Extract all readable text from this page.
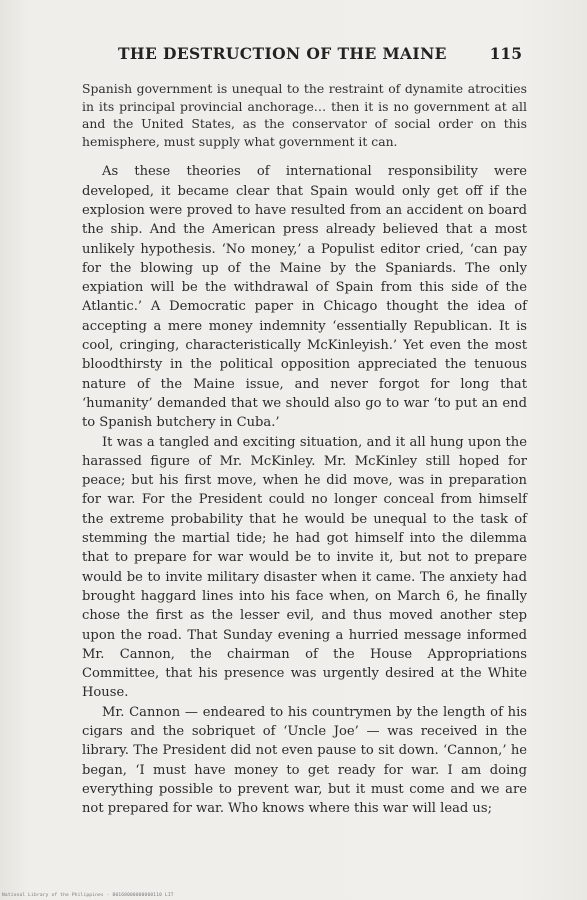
THE DESTRUCTION OF THE MAINE	115

Spanish government is unequal to the restraint of dynamite atrocities in its principal provincial anchorage… then it is no government at all and the United States, as the conservator of social order on this hemisphere, must supply what government it can.

As these theories of international responsibility were developed, it became clear that Spain would only get off if the explosion were proved to have resulted from an accident on board the ship. And the American press already believed that a most unlikely hypothesis. ‘No money,’ a Populist editor cried, ‘can pay for the blowing up of the Maine by the Spaniards. The only expiation will be the withdrawal of Spain from this side of the Atlantic.’ A Democratic paper in Chicago thought the idea of accepting a mere money indemnity ‘essentially Republican. It is cool, cringing, characteristically McKinleyish.’ Yet even the most bloodthirsty in the political opposition appreciated the tenuous nature of the Maine issue, and never forgot for long that ‘humanity’ demanded that we should also go to war ‘to put an end to Spanish butchery in Cuba.’

It was a tangled and exciting situation, and it all hung upon the harassed figure of Mr. McKinley. Mr. McKinley still hoped for peace; but his first move, when he did move, was in preparation for war. For the President could no longer conceal from himself the extreme probability that he would be unequal to the task of stemming the martial tide; he had got himself into the dilemma that to prepare for war would be to invite it, but not to prepare would be to invite military disaster when it came. The anxiety had brought haggard lines into his face when, on March 6, he finally chose the first as the lesser evil, and thus moved another step upon the road. That Sunday evening a hurried message informed Mr. Cannon, the chairman of the House Appropriations Committee, that his presence was urgently desired at the White House.

Mr. Cannon — endeared to his countrymen by the length of his cigars and the sobriquet of ‘Uncle Joe’ — was received in the library. The President did not even pause to sit down. ‘Cannon,’ he began, ‘I must have money to get ready for war. I am doing everything possible to prevent war, but it must come and we are not prepared for war. Who knows where this war will lead us;

National Library of the Philippines · B0168000000000110 LIT
